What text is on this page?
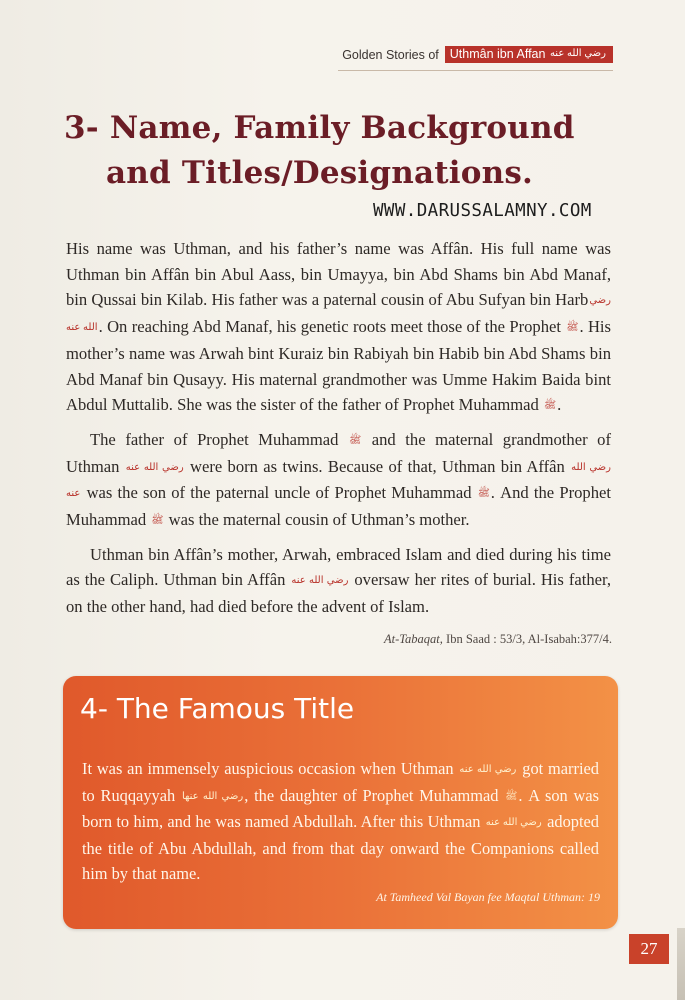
Golden Stories of Uthmân ibn Affan رضي الله عنه
3- Name, Family Background
and Titles/Designations.
WWW.DARUSSALAMNY.COM

His name was Uthman, and his father’s name was Affân. His full name was Uthman bin Affân bin Abul Aass, bin Umayya, bin Abd Shams bin Abd Manaf, bin Qussai bin Kilab. His father was a paternal cousin of Abu Sufyan bin Harbرضي الله عنه. On reaching Abd Manaf, his genetic roots meet those of the Prophet ﷺ. His mother’s name was Arwah bint Kuraiz bin Rabiyah bin Habib bin Abd Shams bin Abd Manaf bin Qusayy. His maternal grandmother was Umme Hakim Baida bint Abdul Muttalib. She was the sister of the father of Prophet Muhammad ﷺ.

The father of Prophet Muhammad ﷺ and the maternal grandmother of Uthman رضي الله عنه were born as twins. Because of that, Uthman bin Affân رضي الله عنه was the son of the paternal uncle of Prophet Muhammad ﷺ. And the Prophet Muhammad ﷺ was the maternal cousin of Uthman’s mother.

Uthman bin Affân’s mother, Arwah, embraced Islam and died during his time as the Caliph. Uthman bin Affân رضي الله عنه oversaw her rites of burial. His father, on the other hand, had died before the advent of Islam.

At-Tabaqat, Ibn Saad : 53/3, Al-Isabah:377/4.
4- The Famous Title
It was an immensely auspicious occasion when Uthman رضي الله عنه got married to Ruqqayyah رضي الله عنها, the daughter of Prophet Muhammad ﷺ. A son was born to him, and he was named Abdullah. After this Uthman رضي الله عنه adopted the title of Abu Abdullah, and from that day onward the Companions called him by that name.
At Tamheed Val Bayan fee Maqtal Uthman: 19
27
